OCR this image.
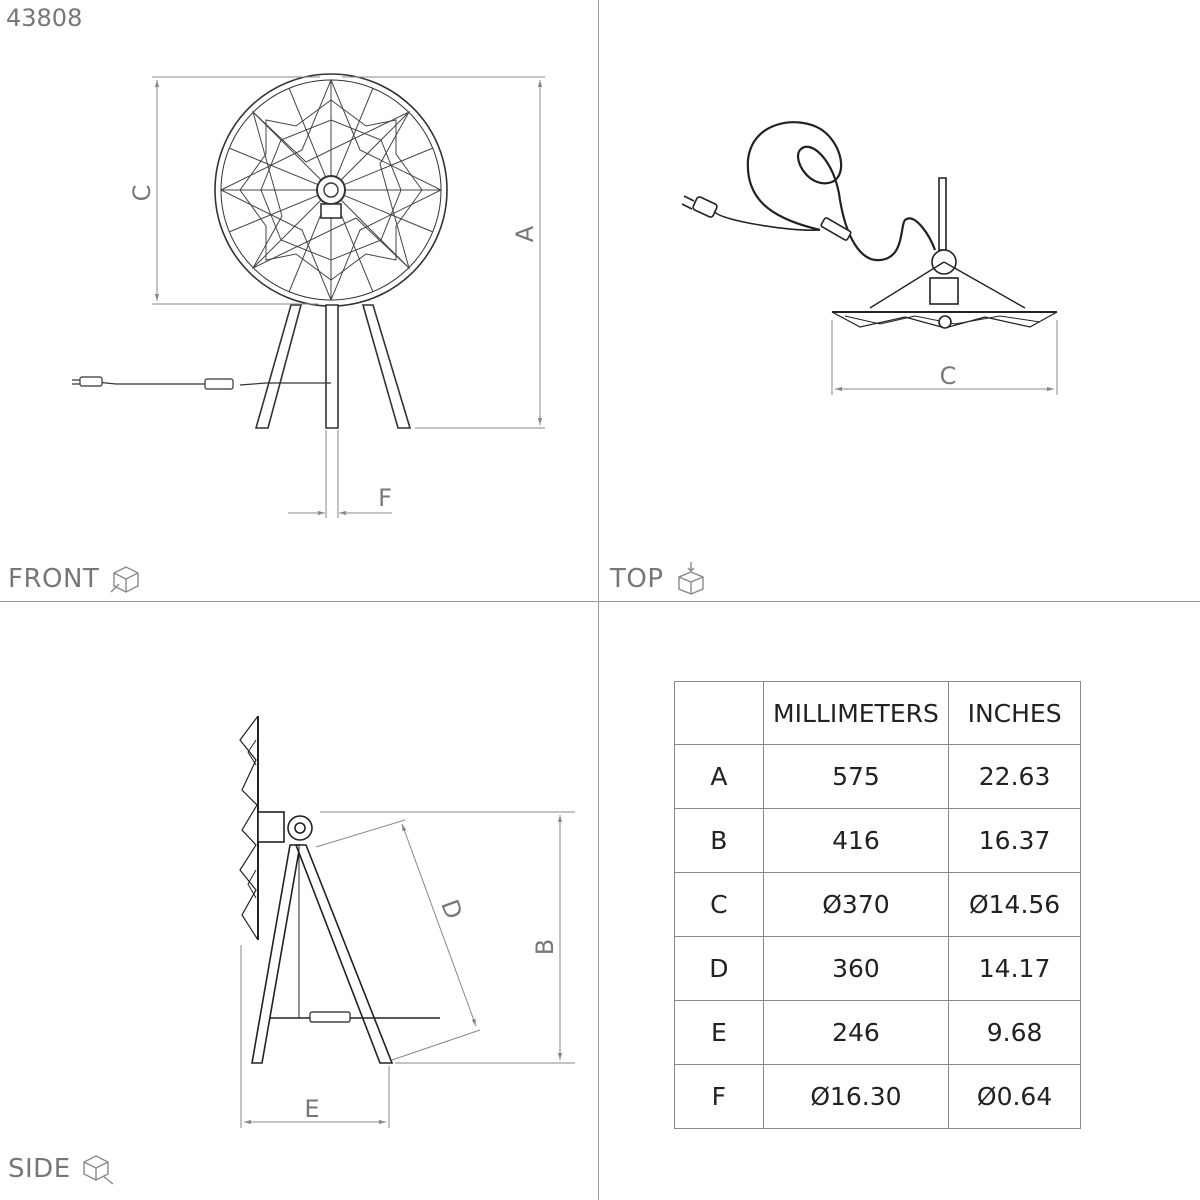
43808
C
A
F
C
D
B
E
FRONT	TOP
SIDE
	MILLIMETERS	INCHES
A	575	22.63
B	416	16.37
C	Ø370	Ø14.56
D	360	14.17
E	246	9.68
F	Ø16.30	Ø0.64
